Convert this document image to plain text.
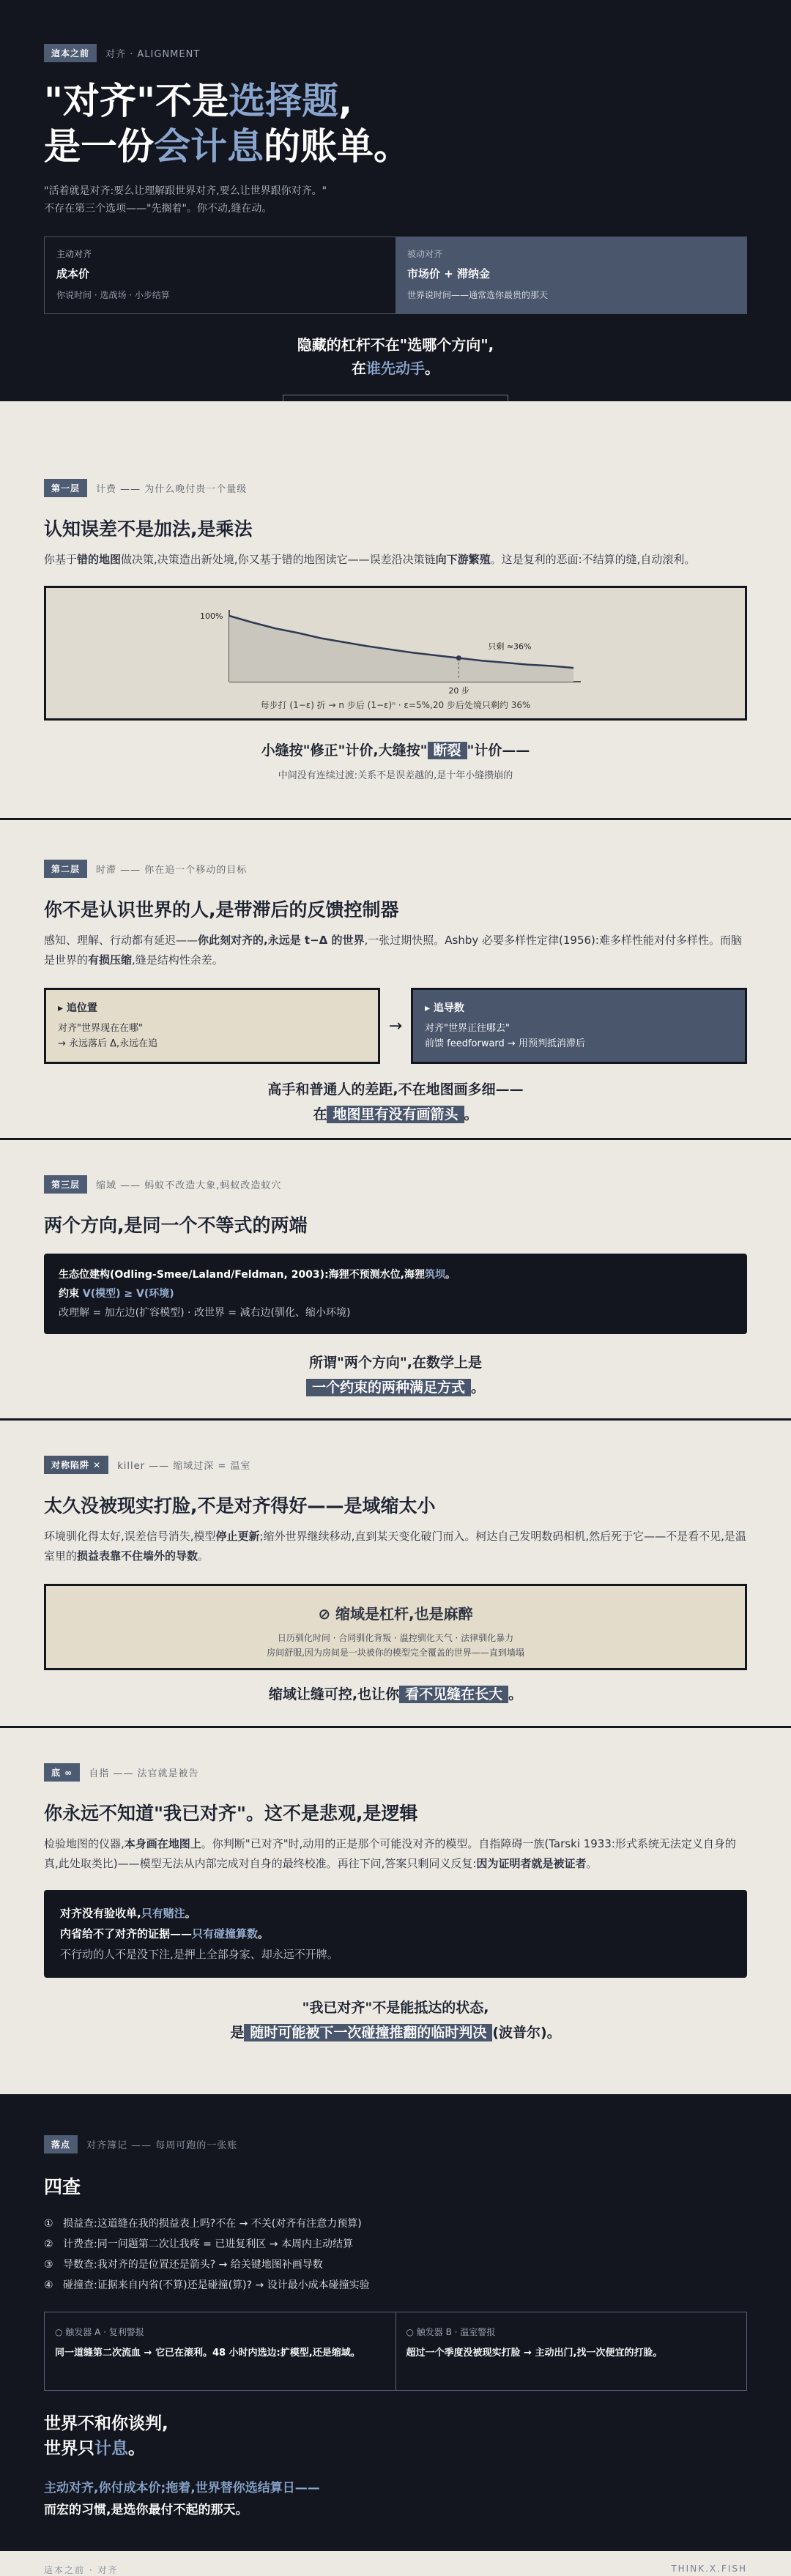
這本之前	对齐 · ALIGNMENT
"对齐"不是选择题,
是一份会计息的账单。
"活着就是对齐:要么让理解跟世界对齐,要么让世界跟你对齐。"
不存在第三个选项——"先搁着"。你不动,缝在动。
主动对齐
成本价
你说时间 · 选战场 · 小步结算
被动对齐
市场价 + 滞纳金
世界说时间——通常选你最贵的那天
隐藏的杠杆不在"选哪个方向",
在谁先动手。
第一层	计费 —— 为什么晚付贵一个量级
认知误差不是加法,是乘法
你基于错的地图做决策,决策造出新处境,你又基于错的地图读它——误差沿决策链向下游繁殖。这是复利的恶面:不结算的缝,自动滚利。
100%
只剩 ≈36%
20 步
每步打 (1−ε) 折 → n 步后 (1−ε)ⁿ · ε=5%,20 步后处境只剩约 36%
小缝按"修正"计价,大缝按" 断裂 "计价——
中间没有连续过渡:关系不是误差越的,是十年小缝攒崩的
第二层	时滞 —— 你在追一个移动的目标
你不是认识世界的人,是带滞后的反馈控制器
感知、理解、行动都有延迟——你此刻对齐的,永远是 t−Δ 的世界,一张过期快照。Ashby 必要多样性定律(1956):难多样性能对付多样性。而脑是世界的有损压缩,缝是结构性余差。
▸ 追位置
对齐"世界现在在哪"
→ 永远落后 Δ,永远在追
→
▸ 追导数
对齐"世界正往哪去"
前馈 feedforward → 用预判抵消滞后
高手和普通人的差距,不在地图画多细——
在 地图里有没有画箭头 。
第三层	缩域 —— 蚂蚁不改造大象,蚂蚁改造蚁穴
两个方向,是同一个不等式的两端
生态位建构(Odling-Smee/Laland/Feldman, 2003):海狸不预测水位,海狸筑坝。
约束 V(模型) ≥ V(环境)
改理解 = 加左边(扩容模型) · 改世界 = 减右边(驯化、缩小环境)
所谓"两个方向",在数学上是
一个约束的两种满足方式 。
对称陷阱 ✕	killer —— 缩域过深 = 温室
太久没被现实打脸,不是对齐得好——是域缩太小
环境驯化得太好,误差信号消失,模型停止更新;缩外世界继续移动,直到某天变化破门而入。柯达自己发明数码相机,然后死于它——不是看不见,是温室里的损益表靠不住墙外的导数。
⊘ 缩域是杠杆,也是麻醉
日历驯化时间 · 合同驯化背叛 · 温控驯化天气 · 法律驯化暴力
房间舒服,因为房间是一块被你的模型完全覆盖的世界——直到墙塌
缩域让缝可控,也让你 看不见缝在长大 。
底 ∞	自指 —— 法官就是被告
你永远不知道"我已对齐"。这不是悲观,是逻辑
检验地图的仪器,本身画在地图上。你判断"已对齐"时,动用的正是那个可能没对齐的模型。自指障碍一族(Tarski 1933:形式系统无法定义自身的真,此处取类比)——模型无法从内部完成对自身的最终校准。再往下问,答案只剩同义反复:因为证明者就是被证者。
对齐没有验收单,只有赌注。
内省给不了对齐的证据——只有碰撞算数。
不行动的人不是没下注,是押上全部身家、却永远不开牌。
"我已对齐"不是能抵达的状态,
是 随时可能被下一次碰撞推翻的临时判决 (波普尔)。
落点	对齐簿记 —— 每周可跑的一张账
四查
① 损益查:这道缝在我的损益表上吗?不在 → 不关(对齐有注意力预算)
② 计费查:同一问题第二次让我疼 = 已进复利区 → 本周内主动结算
③ 导数查:我对齐的是位置还是箭头? → 给关键地图补画导数
④ 碰撞查:证据来自内省(不算)还是碰撞(算)? → 设计最小成本碰撞实验
○ 触发器 A · 复利警报
同一道缝第二次流血 → 它已在滚利。48 小时内选边:扩模型,还是缩域。
○ 触发器 B · 温室警报
超过一个季度没被现实打脸 → 主动出门,找一次便宜的打脸。
世界不和你谈判,
世界只计息。
主动对齐,你付成本价;拖着,世界替你选结算日——
而宏的习惯,是选你最付不起的那天。
這本之前 · 对齐	THINK.X.FISH
